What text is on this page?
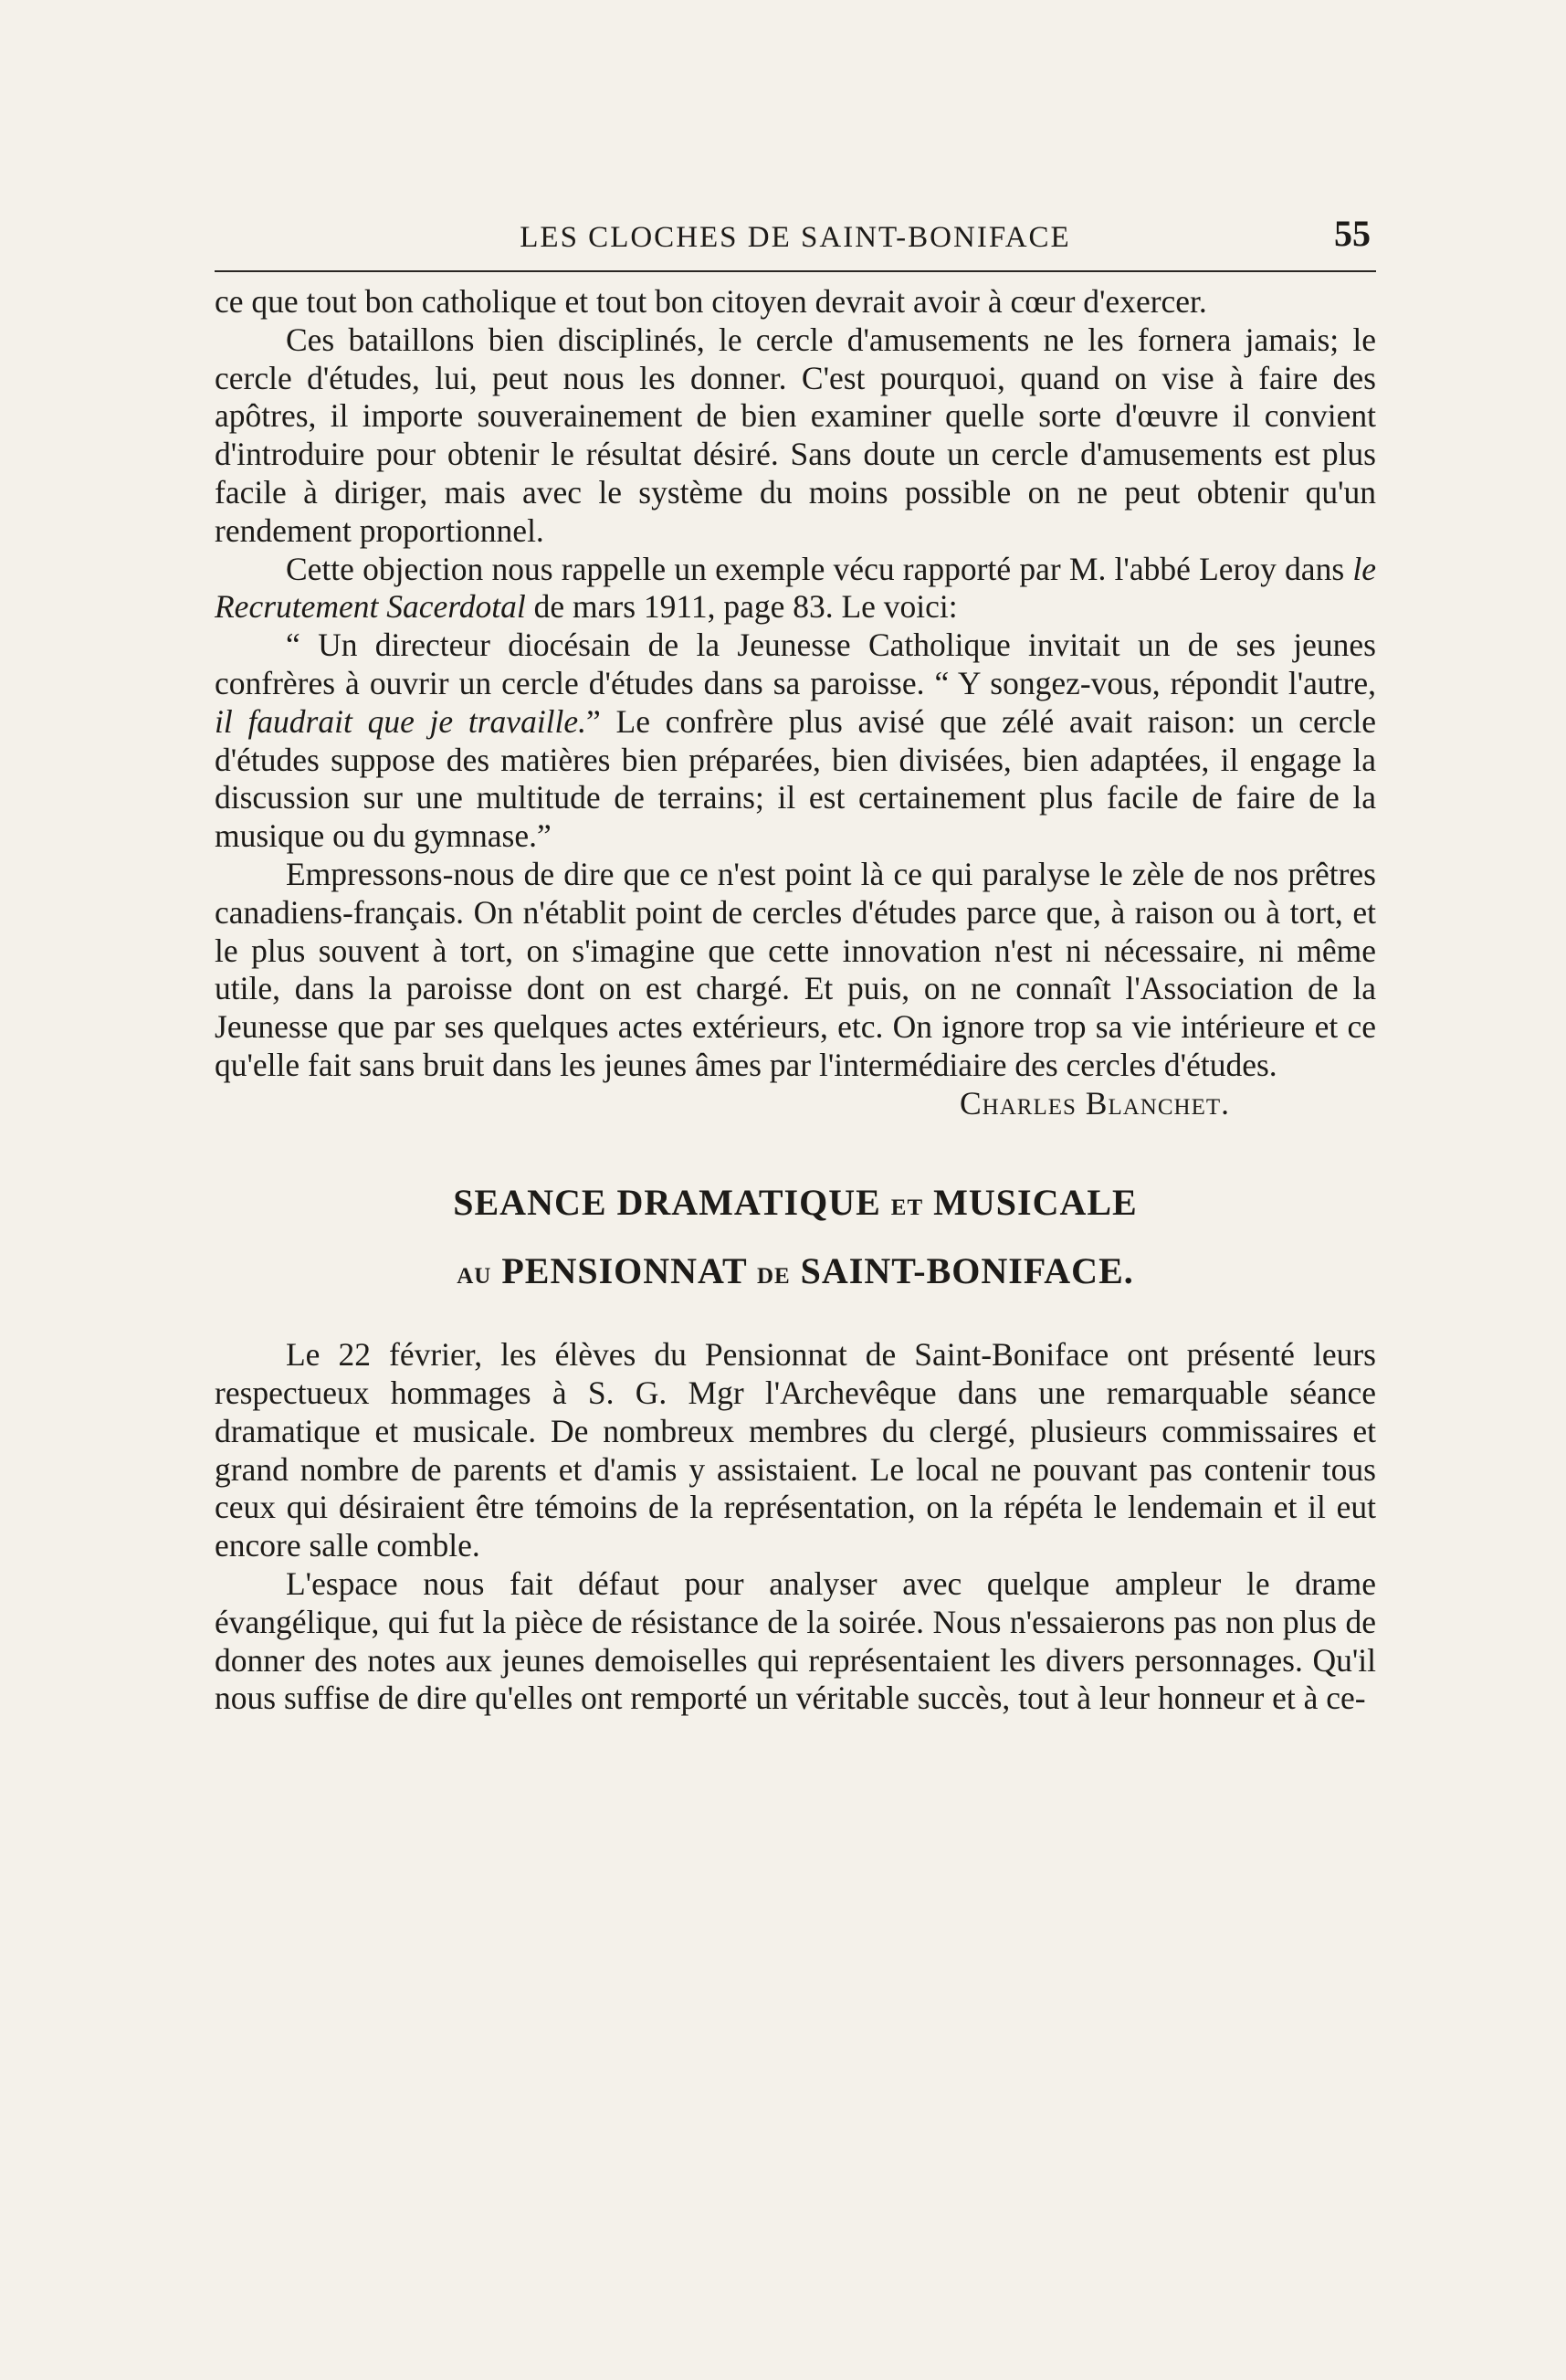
LES CLOCHES DE SAINT-BONIFACE	55

ce que tout bon catholique et tout bon citoyen devrait avoir à cœur d'exercer.

Ces bataillons bien disciplinés, le cercle d'amusements ne les fornera jamais; le cercle d'études, lui, peut nous les donner. C'est pourquoi, quand on vise à faire des apôtres, il importe souverainement de bien examiner quelle sorte d'œuvre il convient d'introduire pour obtenir le résultat désiré. Sans doute un cercle d'amusements est plus facile à diriger, mais avec le système du moins possible on ne peut obtenir qu'un rendement proportionnel.

Cette objection nous rappelle un exemple vécu rapporté par M. l'abbé Leroy dans le Recrutement Sacerdotal de mars 1911, page 83. Le voici:

“ Un directeur diocésain de la Jeunesse Catholique invitait un de ses jeunes confrères à ouvrir un cercle d'études dans sa paroisse. “ Y songez-vous, répondit l'autre, il faudrait que je travaille.” Le confrère plus avisé que zélé avait raison: un cercle d'études suppose des matières bien préparées, bien divisées, bien adaptées, il engage la discussion sur une multitude de terrains; il est certainement plus facile de faire de la musique ou du gymnase.”

Empressons-nous de dire que ce n'est point là ce qui paralyse le zèle de nos prêtres canadiens-français. On n'établit point de cercles d'études parce que, à raison ou à tort, et le plus souvent à tort, on s'imagine que cette innovation n'est ni nécessaire, ni même utile, dans la paroisse dont on est chargé. Et puis, on ne connaît l'Association de la Jeunesse que par ses quelques actes extérieurs, etc. On ignore trop sa vie intérieure et ce qu'elle fait sans bruit dans les jeunes âmes par l'intermédiaire des cercles d'études.

Charles Blanchet.

SEANCE DRAMATIQUE ET MUSICALE
AU PENSIONNAT DE SAINT-BONIFACE.

Le 22 février, les élèves du Pensionnat de Saint-Boniface ont présenté leurs respectueux hommages à S. G. Mgr l'Archevêque dans une remarquable séance dramatique et musicale. De nombreux membres du clergé, plusieurs commissaires et grand nombre de parents et d'amis y assistaient. Le local ne pouvant pas contenir tous ceux qui désiraient être témoins de la représentation, on la répéta le lendemain et il eut encore salle comble.

L'espace nous fait défaut pour analyser avec quelque ampleur le drame évangélique, qui fut la pièce de résistance de la soirée. Nous n'essaierons pas non plus de donner des notes aux jeunes demoiselles qui représentaient les divers personnages. Qu'il nous suffise de dire qu'elles ont remporté un véritable succès, tout à leur honneur et à ce-
